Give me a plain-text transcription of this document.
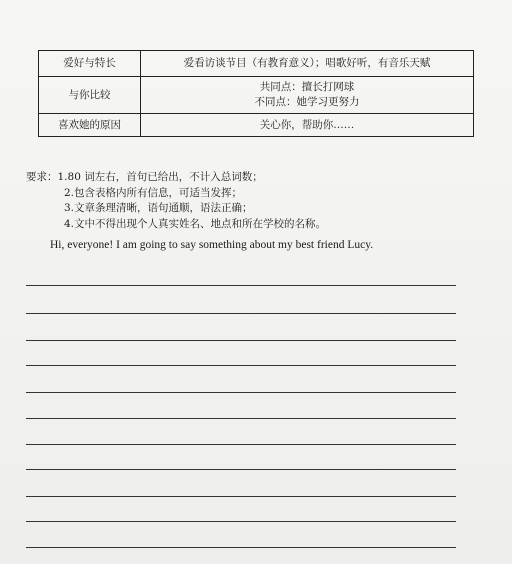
爱好与特长	爱看访谈节目（有教育意义）；唱歌好听，有音乐天赋
与你比较	共同点：擅长打网球
不同点：她学习更努力

喜欢她的原因	关心你，帮助你……
要求：1.80 词左右，首句已给出，不计入总词数；
2.包含表格内所有信息，可适当发挥；
3.文章条理清晰，语句通顺，语法正确；
4.文中不得出现个人真实姓名、地点和所在学校的名称。
Hi, everyone! I am going to say something about my best friend Lucy.
